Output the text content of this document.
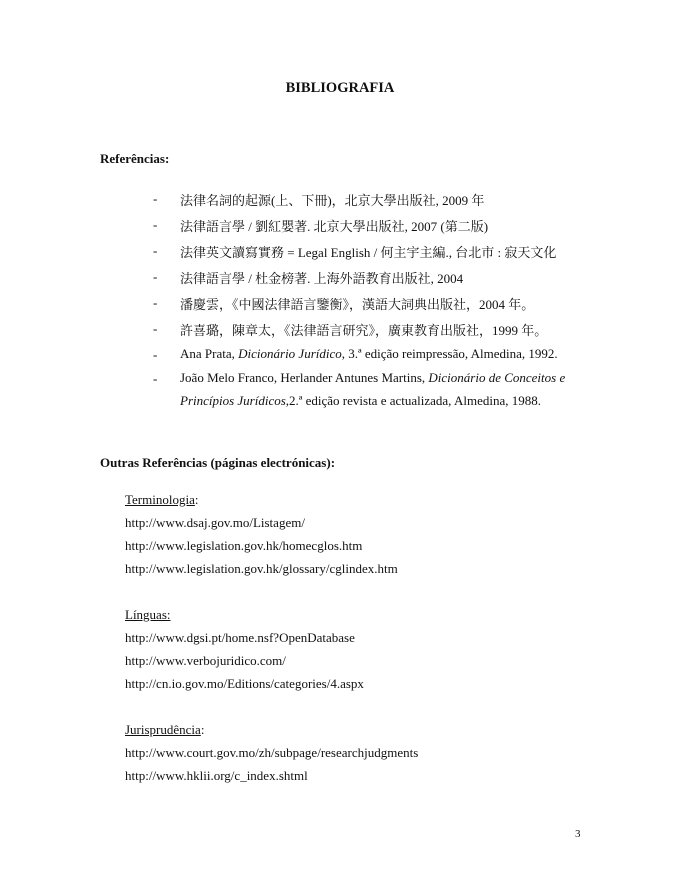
BIBLIOGRAFIA
Referências:
- 法律名詞的起源(上、下冊)，北京大學出版社, 2009 年
- 法律語言學 / 劉紅嬰著. 北京大學出版社, 2007 (第二版)
- 法律英文讀寫實務 = Legal English / 何主宇主編., 台北市 : 寂天文化
- 法律語言學 / 杜金榜著. 上海外語教育出版社, 2004
- 潘慶雲，《中國法律語言鑒衡》，漢語大詞典出版社，2004 年。
- 許喜璐，陳章太，《法律語言研究》，廣東教育出版社，1999 年。
- Ana Prata, Dicionário Jurídico, 3.ª edição reimpressão, Almedina, 1992.
- João Melo Franco, Herlander Antunes Martins, Dicionário de Conceitos e
Princípios Jurídicos,2.ª edição revista e actualizada, Almedina, 1988.
Outras Referências (páginas electrónicas):
Terminologia:
http://www.dsaj.gov.mo/Listagem/
http://www.legislation.gov.hk/homecglos.htm
http://www.legislation.gov.hk/glossary/cglindex.htm
Línguas:
http://www.dgsi.pt/home.nsf?OpenDatabase
http://www.verbojuridico.com/
http://cn.io.gov.mo/Editions/categories/4.aspx
Jurisprudência:
http://www.court.gov.mo/zh/subpage/researchjudgments
http://www.hklii.org/c_index.shtml
3
